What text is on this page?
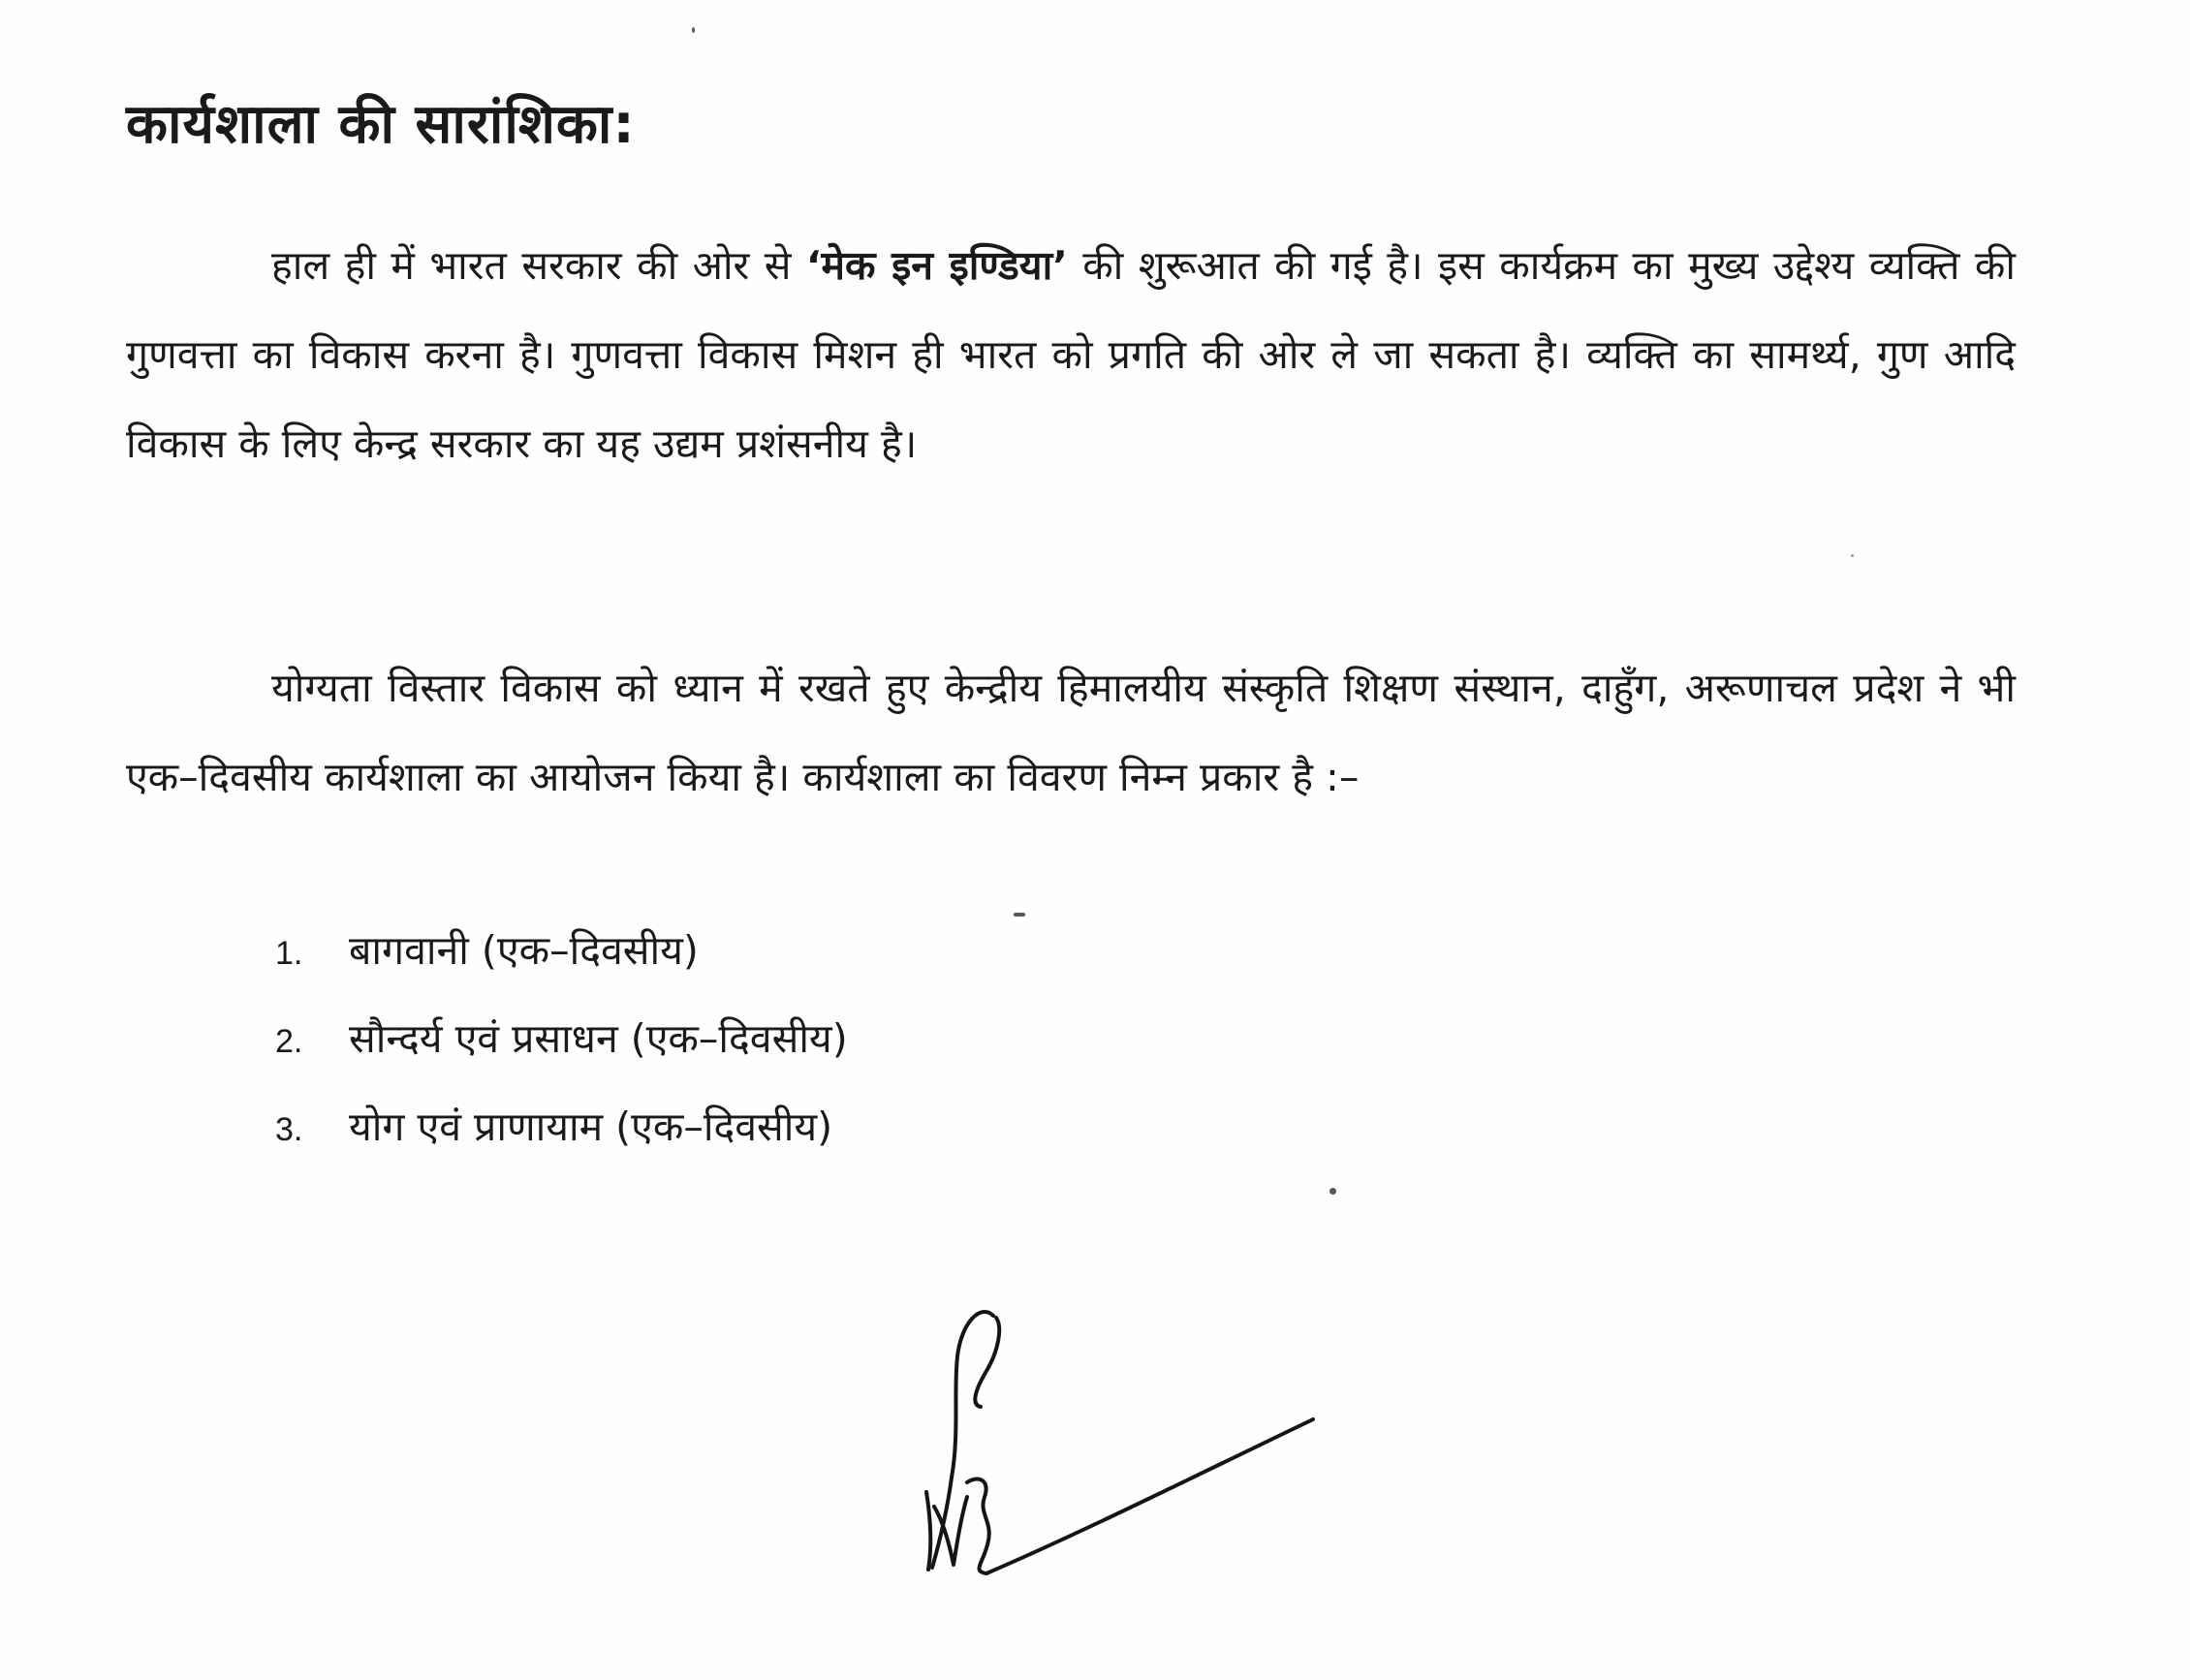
कार्यशाला की सारांशिका:

हाल ही में भारत सरकार की ओर से ‘मेक इन इण्डिया’ की शुरूआत की गई है। इस कार्यक्रम का मुख्य उद्देश्य व्यक्ति की गुणवत्ता का विकास करना है। गुणवत्ता विकास मिशन ही भारत को प्रगति की ओर ले जा सकता है। व्यक्ति का सामर्थ्य, गुण आदि विकास के लिए केन्द्र सरकार का यह उद्यम प्रशंसनीय है।

योग्यता विस्तार विकास को ध्यान में रखते हुए केन्द्रीय हिमालयीय संस्कृति शिक्षण संस्थान, दाहुँग, अरूणाचल प्रदेश ने भी एक–दिवसीय कार्यशाला का आयोजन किया है। कार्यशाला का विवरण निम्न प्रकार है :–

1. बागवानी (एक–दिवसीय)
2. सौन्दर्य एवं प्रसाधन (एक–दिवसीय)
3. योग एवं प्राणायाम (एक–दिवसीय)
